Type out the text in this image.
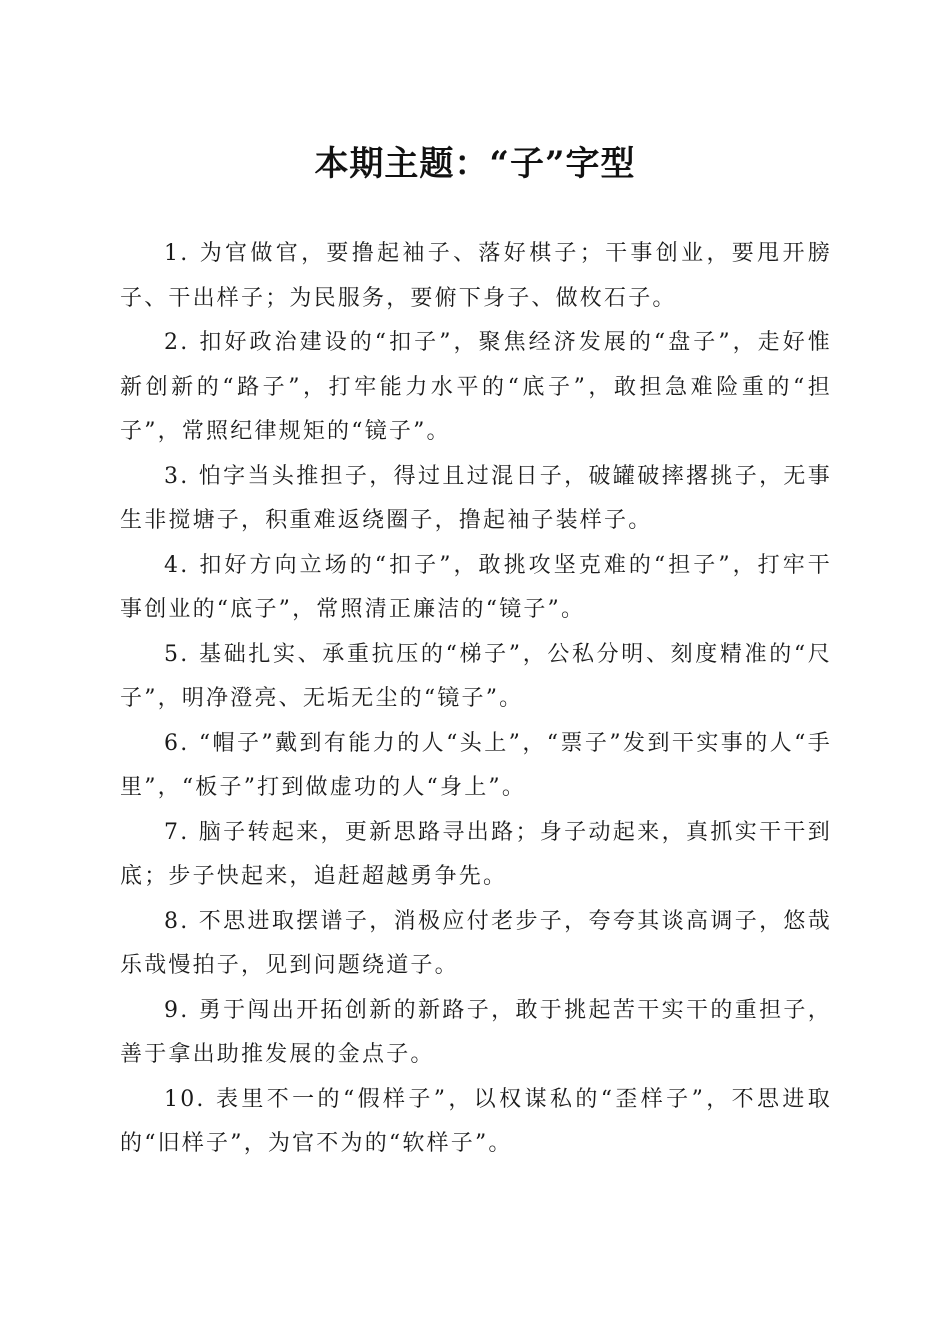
本期主题：“子”字型

1. 为官做官，要撸起袖子、落好棋子；干事创业，要甩开膀子、干出样子；为民服务，要俯下身子、做枚石子。

2. 扣好政治建设的“扣子”，聚焦经济发展的“盘子”，走好惟新创新的“路子”，打牢能力水平的“底子”，敢担急难险重的“担子”，常照纪律规矩的“镜子”。

3. 怕字当头推担子，得过且过混日子，破罐破摔撂挑子，无事生非搅塘子，积重难返绕圈子，撸起袖子装样子。

4. 扣好方向立场的“扣子”，敢挑攻坚克难的“担子”，打牢干事创业的“底子”，常照清正廉洁的“镜子”。

5. 基础扎实、承重抗压的“梯子”，公私分明、刻度精准的“尺子”，明净澄亮、无垢无尘的“镜子”。

6. “帽子”戴到有能力的人“头上”，“票子”发到干实事的人“手里”，“板子”打到做虚功的人“身上”。

7. 脑子转起来，更新思路寻出路；身子动起来，真抓实干干到底；步子快起来，追赶超越勇争先。

8. 不思进取摆谱子，消极应付老步子，夸夸其谈高调子，悠哉乐哉慢拍子，见到问题绕道子。

9. 勇于闯出开拓创新的新路子，敢于挑起苦干实干的重担子，善于拿出助推发展的金点子。

10. 表里不一的“假样子”，以权谋私的“歪样子”，不思进取的“旧样子”，为官不为的“软样子”。
